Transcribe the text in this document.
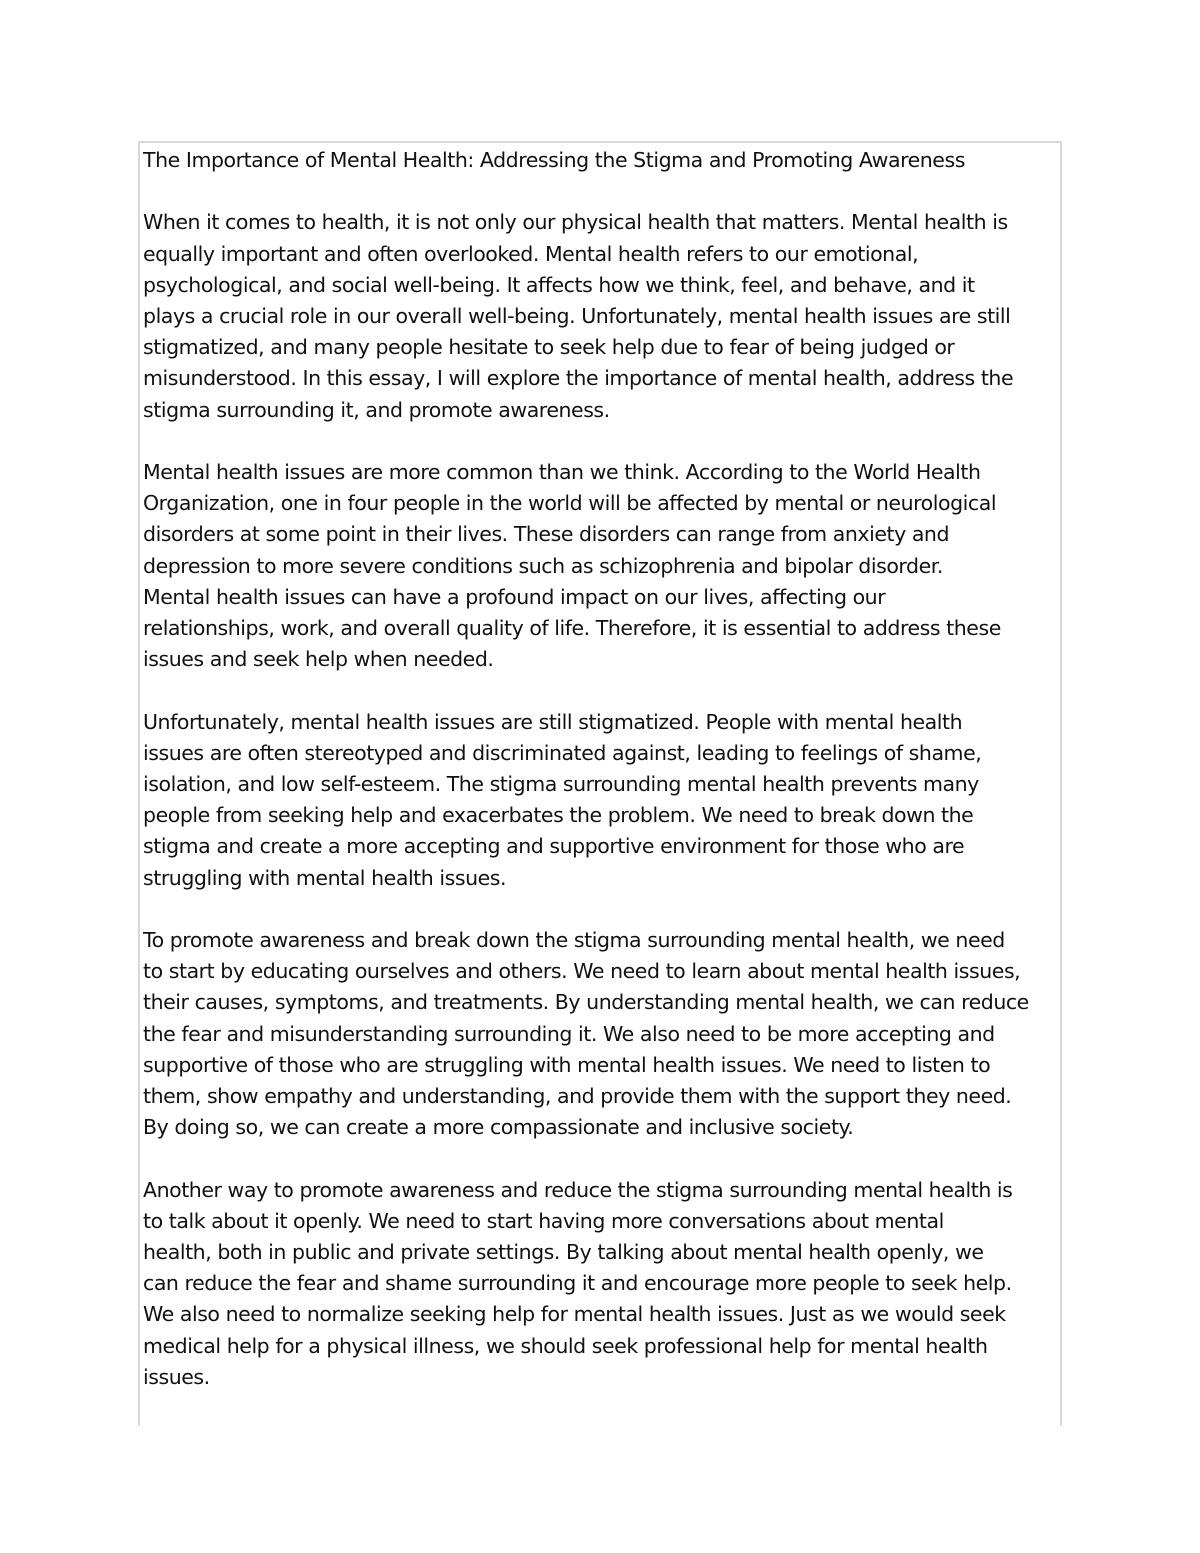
The Importance of Mental Health: Addressing the Stigma and Promoting Awareness

When it comes to health, it is not only our physical health that matters. Mental health is
equally important and often overlooked. Mental health refers to our emotional,
psychological, and social well-being. It affects how we think, feel, and behave, and it
plays a crucial role in our overall well-being. Unfortunately, mental health issues are still
stigmatized, and many people hesitate to seek help due to fear of being judged or
misunderstood. In this essay, I will explore the importance of mental health, address the
stigma surrounding it, and promote awareness.

Mental health issues are more common than we think. According to the World Health
Organization, one in four people in the world will be affected by mental or neurological
disorders at some point in their lives. These disorders can range from anxiety and
depression to more severe conditions such as schizophrenia and bipolar disorder.
Mental health issues can have a profound impact on our lives, affecting our
relationships, work, and overall quality of life. Therefore, it is essential to address these
issues and seek help when needed.

Unfortunately, mental health issues are still stigmatized. People with mental health
issues are often stereotyped and discriminated against, leading to feelings of shame,
isolation, and low self-esteem. The stigma surrounding mental health prevents many
people from seeking help and exacerbates the problem. We need to break down the
stigma and create a more accepting and supportive environment for those who are
struggling with mental health issues.

To promote awareness and break down the stigma surrounding mental health, we need
to start by educating ourselves and others. We need to learn about mental health issues,
their causes, symptoms, and treatments. By understanding mental health, we can reduce
the fear and misunderstanding surrounding it. We also need to be more accepting and
supportive of those who are struggling with mental health issues. We need to listen to
them, show empathy and understanding, and provide them with the support they need.
By doing so, we can create a more compassionate and inclusive society.

Another way to promote awareness and reduce the stigma surrounding mental health is
to talk about it openly. We need to start having more conversations about mental
health, both in public and private settings. By talking about mental health openly, we
can reduce the fear and shame surrounding it and encourage more people to seek help.
We also need to normalize seeking help for mental health issues. Just as we would seek
medical help for a physical illness, we should seek professional help for mental health
issues.
